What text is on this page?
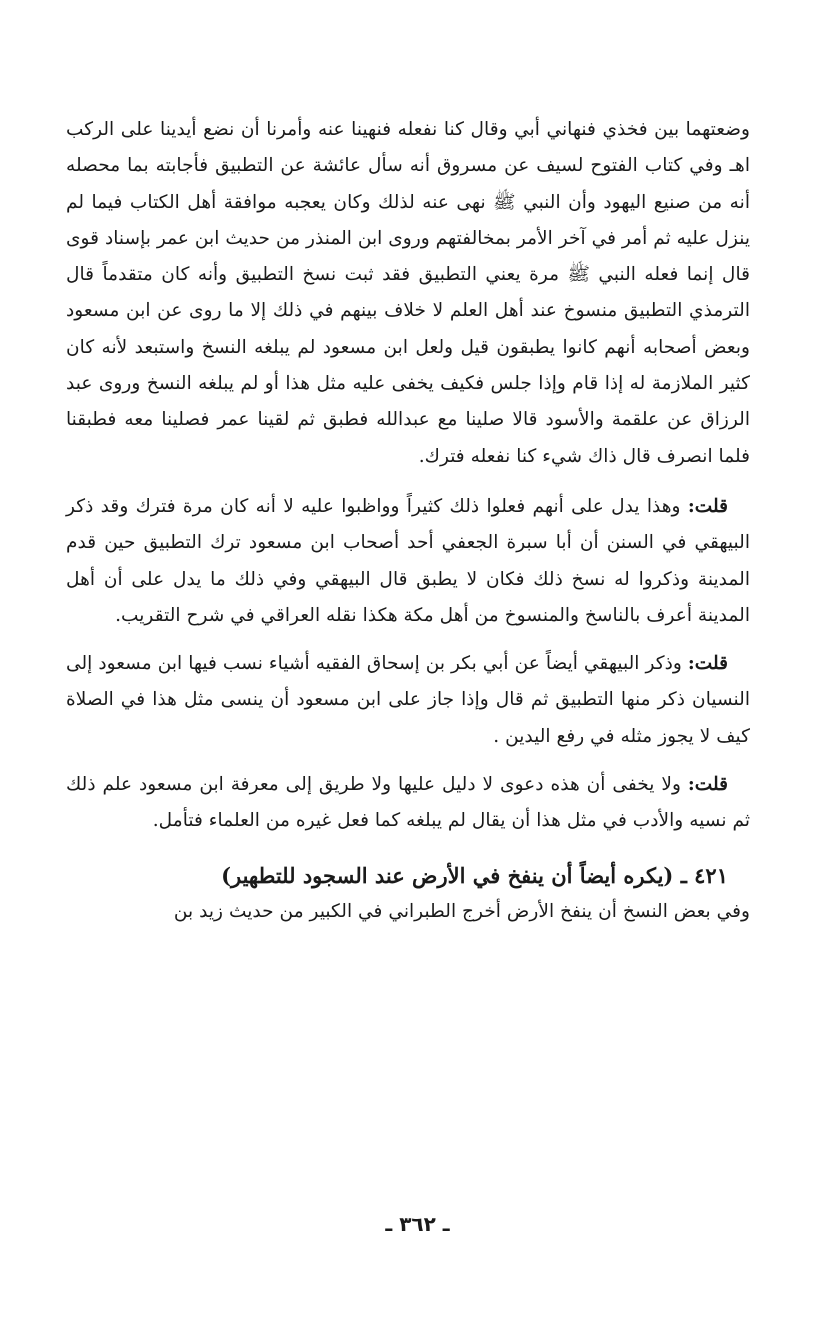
وضعتهما بين فخذي فنهاني أبي وقال كنا نفعله فنهينا عنه وأمرنا أن نضع أيدينا على الركب اهـ وفي كتاب الفتوح لسيف عن مسروق أنه سأل عائشة عن التطبيق فأجابته بما محصله أنه من صنيع اليهود وأن النبي ﷺ نهى عنه لذلك وكان يعجبه موافقة أهل الكتاب فيما لم ينزل عليه ثم أمر في آخر الأمر بمخالفتهم وروى ابن المنذر من حديث ابن عمر بإسناد قوى قال إنما فعله النبي ﷺ مرة يعني التطبيق فقد ثبت نسخ التطبيق وأنه كان متقدماً قال الترمذي التطبيق منسوخ عند أهل العلم لا خلاف بينهم في ذلك إلا ما روى عن ابن مسعود وبعض أصحابه أنهم كانوا يطبقون قيل ولعل ابن مسعود لم يبلغه النسخ واستبعد لأنه كان كثير الملازمة له إذا قام وإذا جلس فكيف يخفى عليه مثل هذا أو لم يبلغه النسخ وروى عبد الرزاق عن علقمة والأسود قالا صلينا مع عبدالله فطبق ثم لقينا عمر فصلينا معه فطبقنا فلما انصرف قال ذاك شيء كنا نفعله فترك.

قلت: وهذا يدل على أنهم فعلوا ذلك كثيراً وواظبوا عليه لا أنه كان مرة فترك وقد ذكر البيهقي في السنن أن أبا سبرة الجعفي أحد أصحاب ابن مسعود ترك التطبيق حين قدم المدينة وذكروا له نسخ ذلك فكان لا يطبق قال البيهقي وفي ذلك ما يدل على أن أهل المدينة أعرف بالناسخ والمنسوخ من أهل مكة هكذا نقله العراقي في شرح التقريب.

قلت: وذكر البيهقي أيضاً عن أبي بكر بن إسحاق الفقيه أشياء نسب فيها ابن مسعود إلى النسيان ذكر منها التطبيق ثم قال وإذا جاز على ابن مسعود أن ينسى مثل هذا في الصلاة كيف لا يجوز مثله في رفع اليدين .

قلت: ولا يخفى أن هذه دعوى لا دليل عليها ولا طريق إلى معرفة ابن مسعود علم ذلك ثم نسيه والأدب في مثل هذا أن يقال لم يبلغه كما فعل غيره من العلماء فتأمل.

٤٢١ ـ (يكره أيضاً أن ينفخ في الأرض عند السجود للتطهير)

وفي بعض النسخ أن ينفخ الأرض أخرج الطبراني في الكبير من حديث زيد بن

ـ ٣٦٢ ـ
